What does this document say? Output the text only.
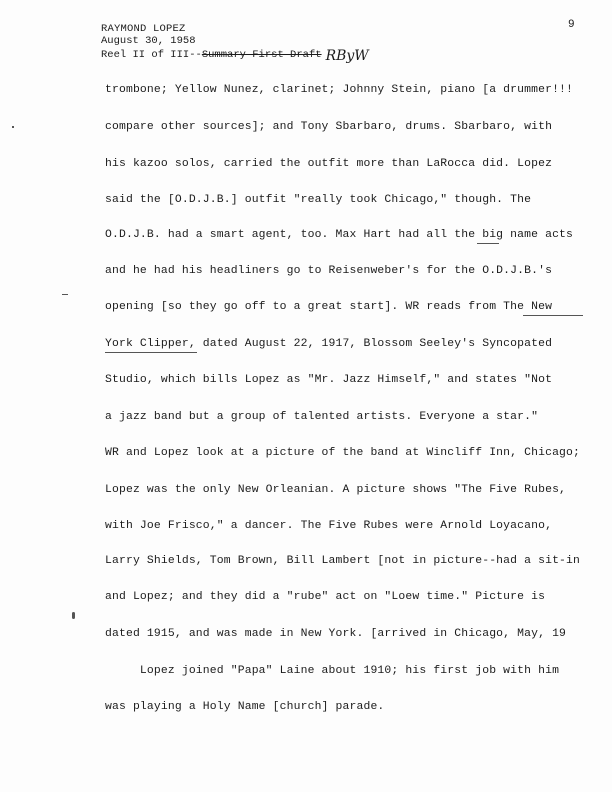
RAYMOND LOPEZ
August 30, 1958
Reel II of III--Summary First Draft RByW
9
trombone; Yellow Nunez, clarinet; Johnny Stein, piano [a drummer!!!
compare other sources]; and Tony Sbarbaro, drums. Sbarbaro, with
his kazoo solos, carried the outfit more than LaRocca did. Lopez
said the [O.D.J.B.] outfit "really took Chicago," though. The
O.D.J.B. had a smart agent, too. Max Hart had all the big name acts
and he had his headliners go to Reisenweber's for the O.D.J.B.'s
opening [so they go off to a great start]. WR reads from The New
York Clipper, dated August 22, 1917, Blossom Seeley's Syncopated
Studio, which bills Lopez as "Mr. Jazz Himself," and states "Not
a jazz band but a group of talented artists. Everyone a star."
WR and Lopez look at a picture of the band at Wincliff Inn, Chicago;
Lopez was the only New Orleanian. A picture shows "The Five Rubes,
with Joe Frisco," a dancer. The Five Rubes were Arnold Loyacano,
Larry Shields, Tom Brown, Bill Lambert [not in picture--had a sit-in
and Lopez; and they did a "rube" act on "Loew time." Picture is
dated 1915, and was made in New York. [arrived in Chicago, May, 19
Lopez joined "Papa" Laine about 1910; his first job with him
was playing a Holy Name [church] parade.
